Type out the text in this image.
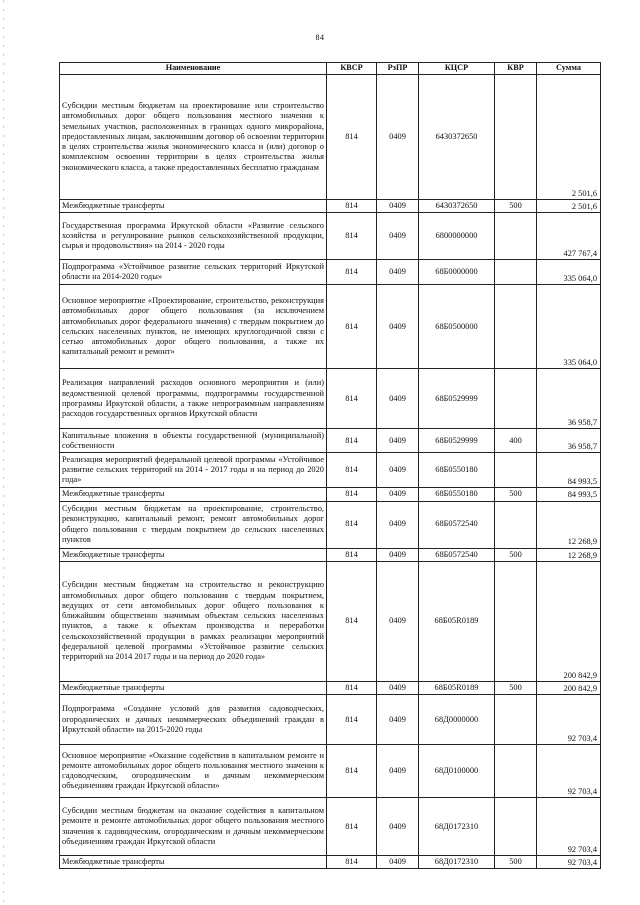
84
Наименование	КВСР	РзПР	КЦСР	КВР	Сумма
Субсидии местным бюджетам на проектирование или строительство автомобильных дорог общего пользования местного значения к земельных участков, расположенных в границах одного микрорайона, предоставленных лицам, заключившим договор об освоении территории в целях строительства жилья экономического класса и (или) договор о комплексном освоении территории в целях строительства жилья экономического класса, а также предоставленных бесплатно гражданам	814	0409	6430372650		2 501,6
Межбюджетные трансферты	814	0409	6430372650	500	2 501,6
Государственная программа Иркутской области «Развитие сельского хозяйства и регулирование рынков сельскохозяйственной продукции, сырья и продовольствия» на 2014 - 2020 годы	814	0409	6800000000		427 767,4
Подпрограмма «Устойчивое развитие сельских территорий Иркутской области на 2014-2020 годы»	814	0409	68Б0000000		335 064,0
Основное мероприятие «Проектирование, строительство, реконструкция автомобильных дорог общего пользования (за исключением автомобильных дорог федерального значения) с твердым покрытием до сельских населенных пунктов, не имеющих круглогодичной связи с сетью автомобильных дорог общего пользования, а также их капитальный ремонт и ремонт»	814	0409	68Б0500000		335 064,0
Реализация направлений расходов основного мероприятия и (или) ведомственной целевой программы, подпрограммы государственной программы Иркутской области, а также непрограммным направлениям расходов государственных органов Иркутской области	814	0409	68Б0529999		36 958,7
Капитальные вложения в объекты государственной (муниципальной) собственности	814	0409	68Б0529999	400	36 958,7
Реализация мероприятий федеральной целевой программы «Устойчивое развитие сельских территорий на 2014 - 2017 годы и на период до 2020 года»	814	0409	68Б0550180		84 993,5
Межбюджетные трансферты	814	0409	68Б0550180	500	84 993,5
Субсидии местным бюджетам на проектирование, строительство, реконструкцию, капитальный ремонт, ремонт автомобильных дорог общего пользования с твердым покрытием до сельских населенных пунктов	814	0409	68Б0572540		12 268,9
Межбюджетные трансферты	814	0409	68Б0572540	500	12 268,9
Субсидии местным бюджетам на строительство и реконструкцию автомобильных дорог общего пользования с твердым покрытием, ведущих от сети автомобильных дорог общего пользования к ближайшим общественно значимым объектам сельских населенных пунктов, а также к объектам производства и переработки сельскохозяйственной продукции в рамках реализации мероприятий федеральной целевой программы «Устойчивое развитие сельских территорий на 2014 2017 годы и на период до 2020 года»	814	0409	68Б05R0189		200 842,9
Межбюджетные трансферты	814	0409	68Б05R0189	500	200 842,9
Подпрограмма «Создание условий для развития садоводческих, огороднических и дачных некоммерческих объединений граждан в Иркутской области» на 2015-2020 годы	814	0409	68Д0000000		92 703,4
Основное мероприятие «Оказание содействия в капитальном ремонте и ремонте автомобильных дорог общего пользования местного значения к садоводческим, огородническим и дачным некоммерческим объединениям граждан Иркутской области»	814	0409	68Д0100000		92 703,4
Субсидии местным бюджетам на оказание содействия в капитальном ремонте и ремонте автомобильных дорог общего пользования местного значения к садоводческим, огородническим и дачным некоммерческим объединениям граждан Иркутской области	814	0409	68Д0172310		92 703,4
Межбюджетные трансферты	814	0409	68Д0172310	500	92 703,4
